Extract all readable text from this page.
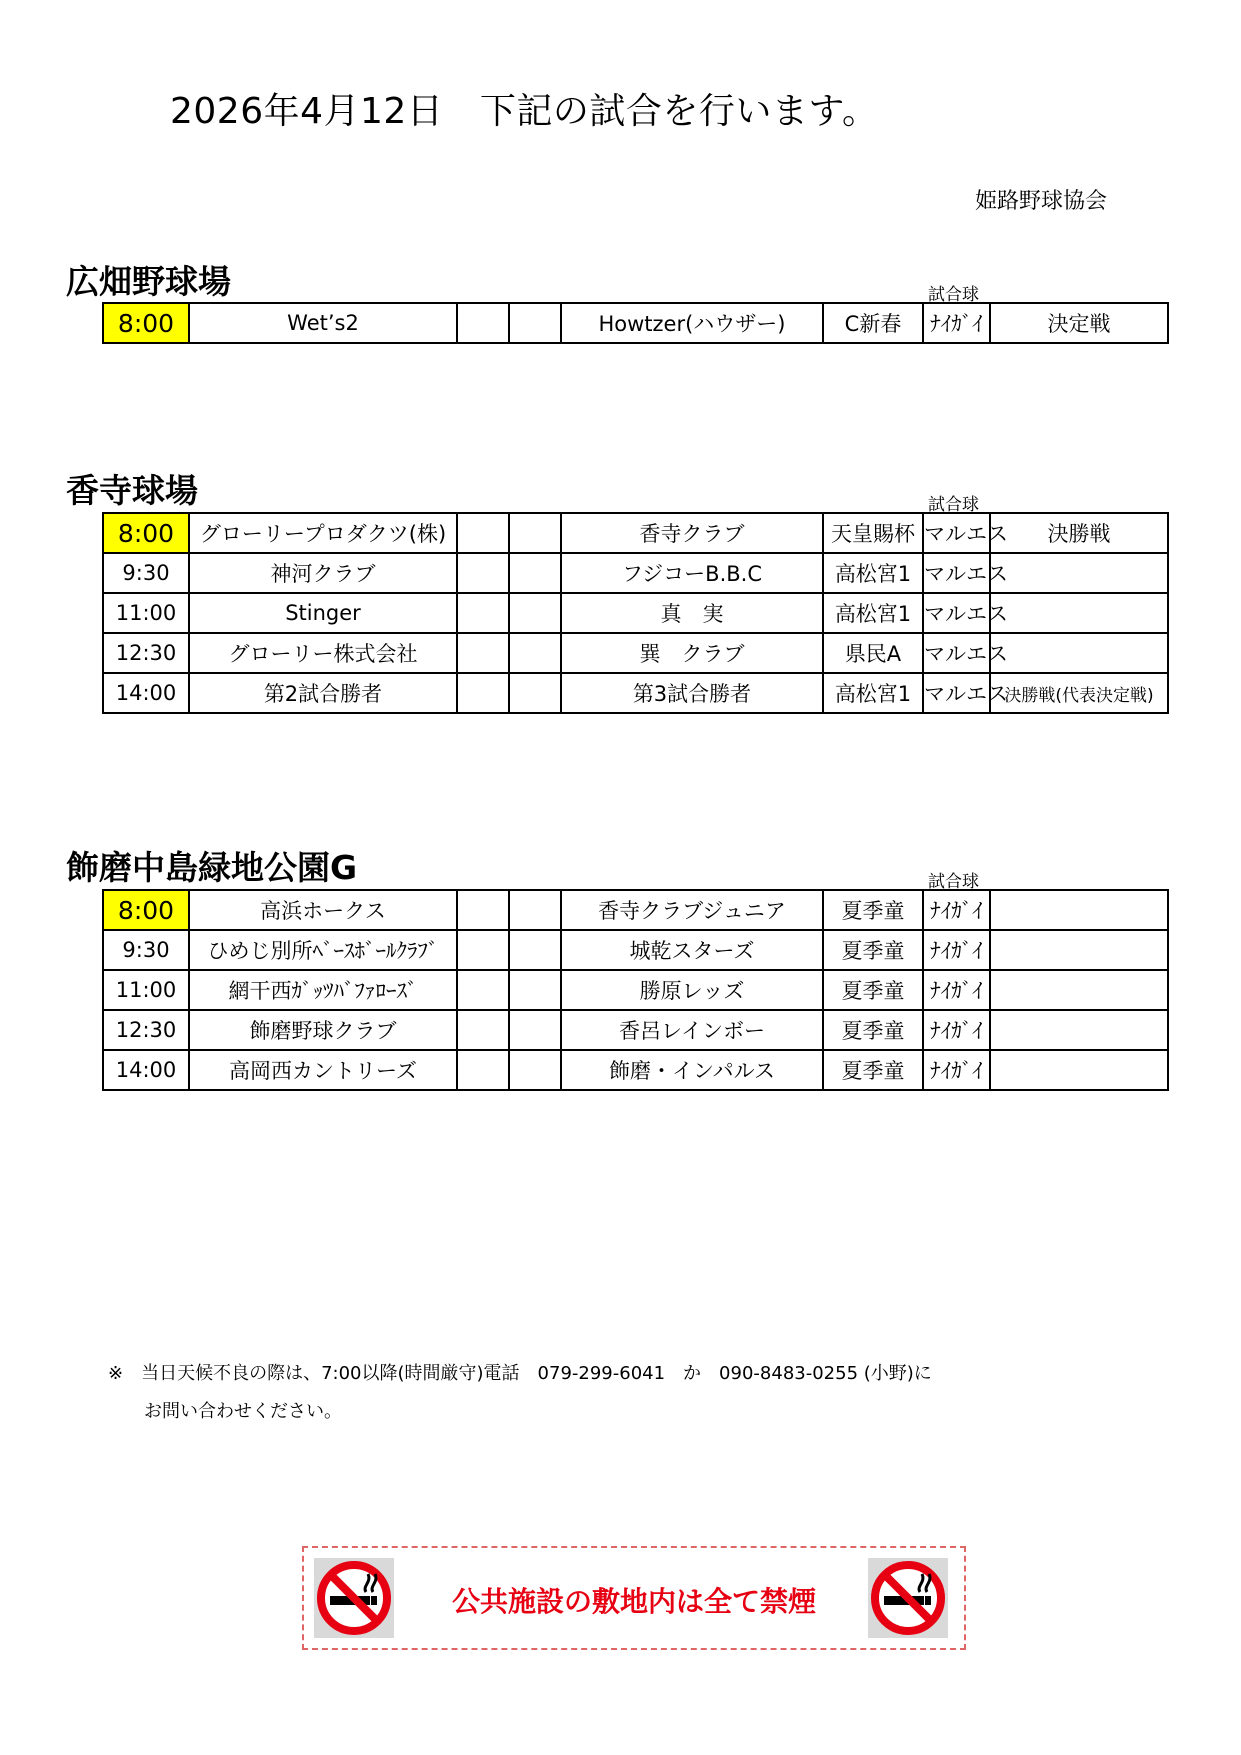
2026年4月12日　下記の試合を行います。
姫路野球協会
広畑野球場	試合球
8:00	Wet’s2			Howtzer(ハウザー)	C新春	ﾅｲｶﾞｲ	決定戦
香寺球場	試合球
8:00	グローリープロダクツ(株)			香寺クラブ	天皇賜杯	マルエス	決勝戦
9:30	神河クラブ			フジコーB.B.C	高松宮1	マルエス	
11:00	Stinger			真　実	高松宮1	マルエス	
12:30	グローリー株式会社			巽　クラブ	県民A	マルエス	
14:00	第2試合勝者			第3試合勝者	高松宮1	マルエス	決勝戦(代表決定戦)
飾磨中島緑地公園G	試合球
8:00	高浜ホークス			香寺クラブジュニア	夏季童	ﾅｲｶﾞｲ	
9:30	ひめじ別所ﾍﾞｰｽﾎﾞｰﾙｸﾗﾌﾞ			城乾スターズ	夏季童	ﾅｲｶﾞｲ	
11:00	網干西ｶﾞｯﾂﾊﾞﾌｧﾛｰｽﾞ			勝原レッズ	夏季童	ﾅｲｶﾞｲ	
12:30	飾磨野球クラブ			香呂レインボー	夏季童	ﾅｲｶﾞｲ	
14:00	高岡西カントリーズ			飾磨・インパルス	夏季童	ﾅｲｶﾞｲ	
※　当日天候不良の際は、7:00以降(時間厳守)電話　079-299-6041　か　090-8483-0255 (小野)に
　　お問い合わせください。
公共施設の敷地内は全て禁煙
